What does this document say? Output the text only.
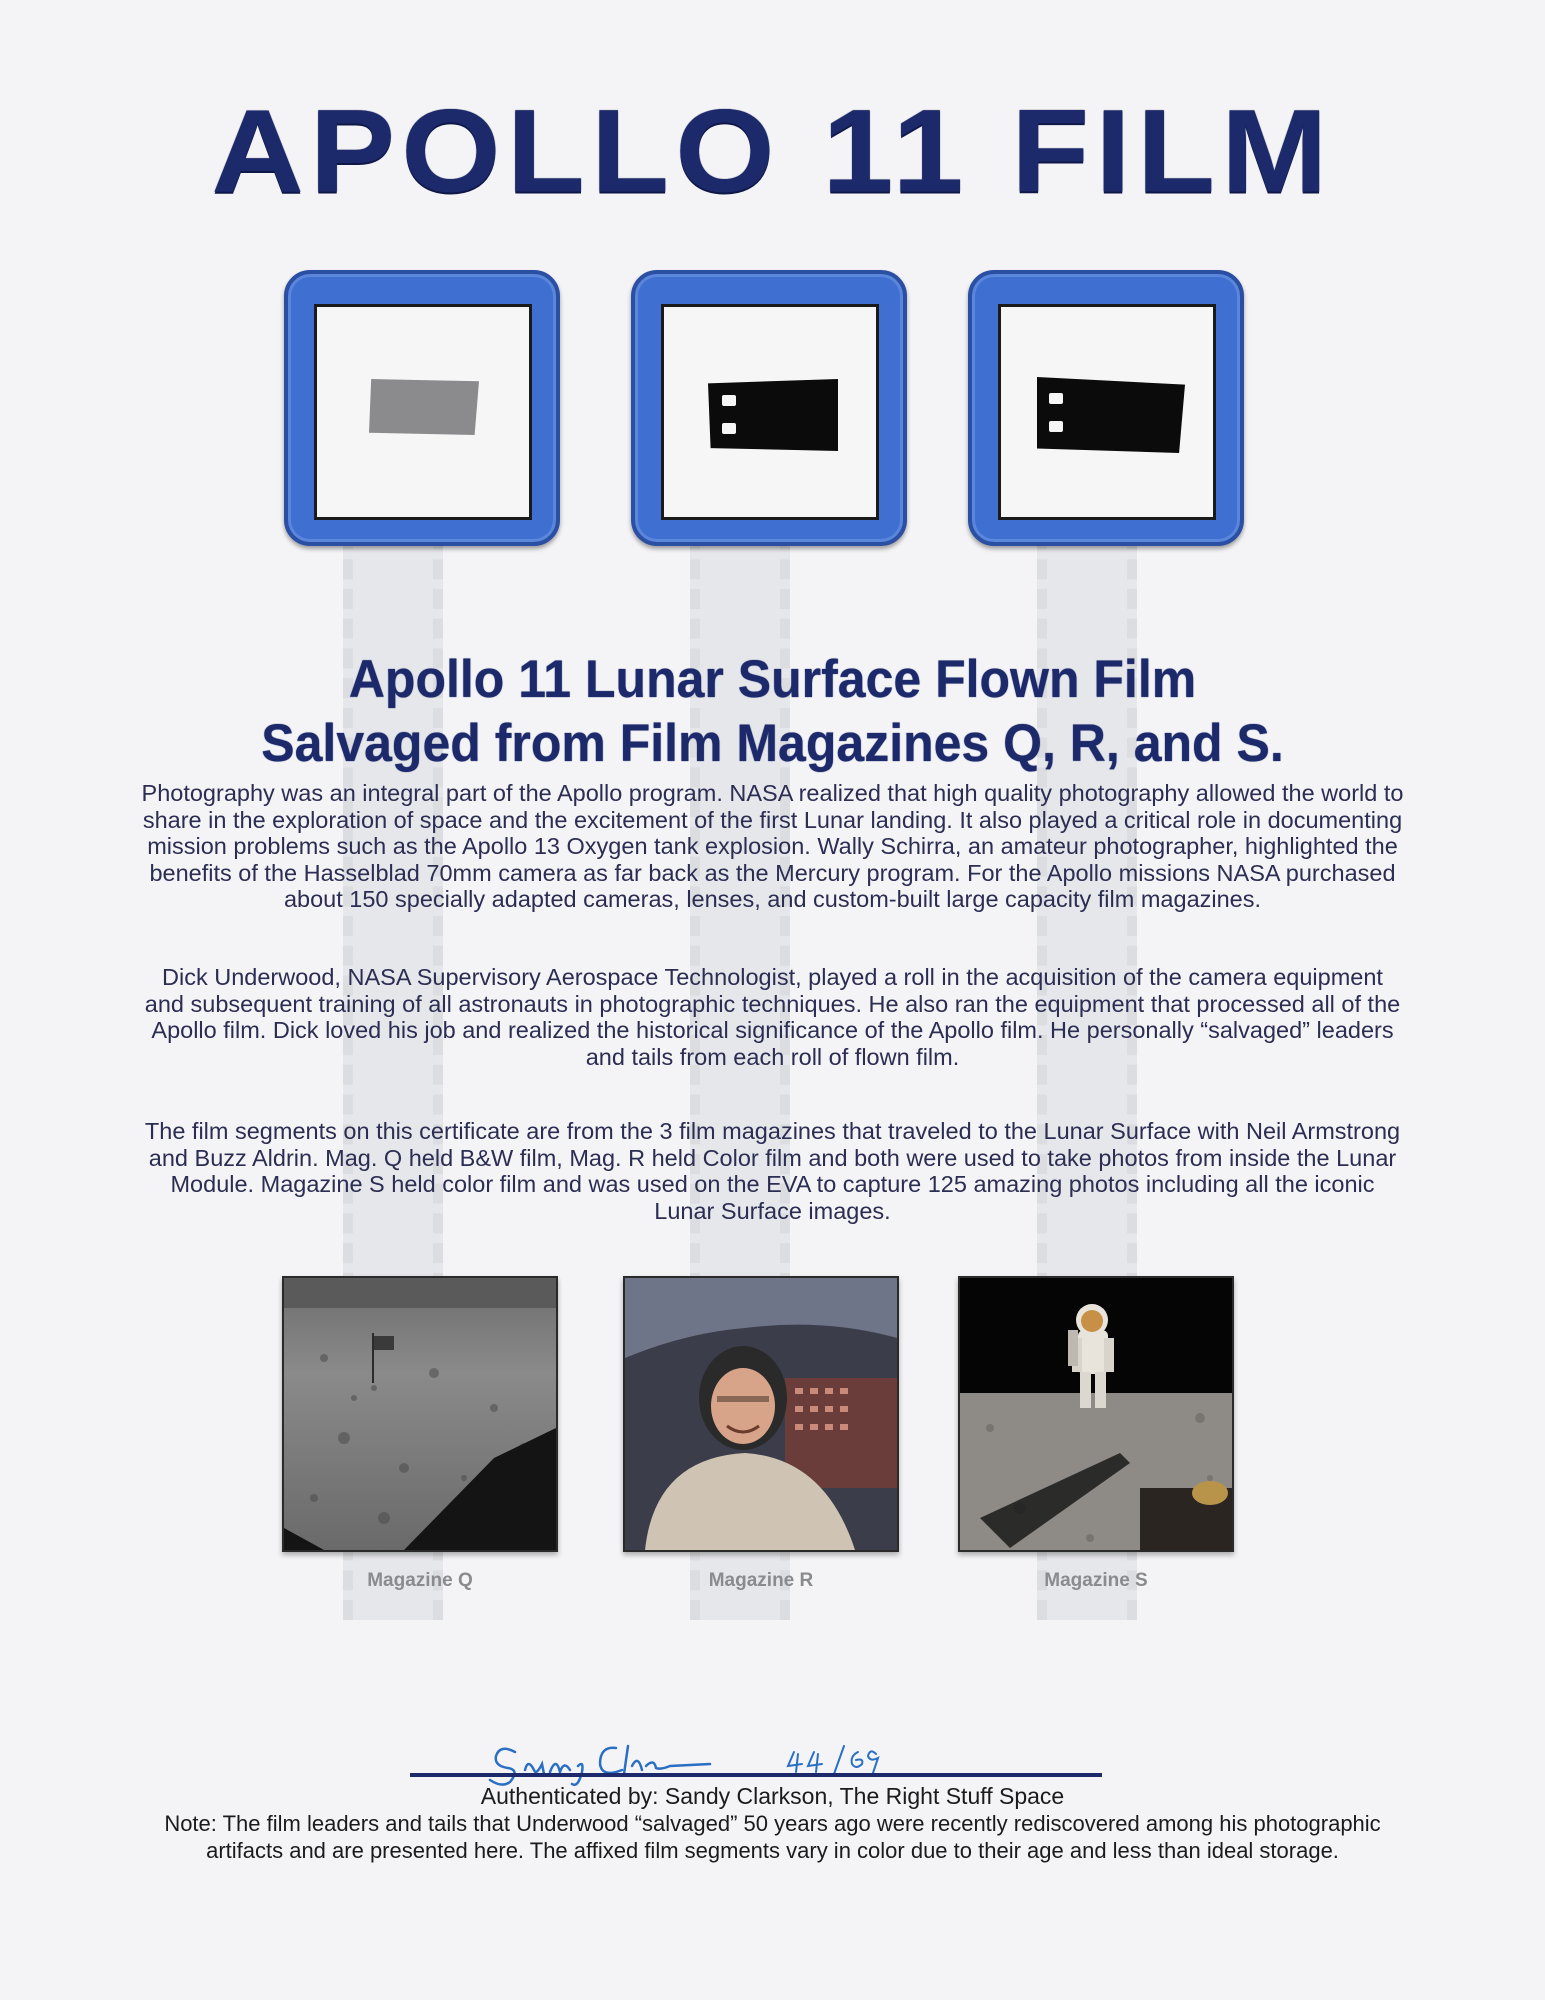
APOLLO 11 FILM
Apollo 11 Lunar Surface Flown Film
Salvaged from Film Magazines Q, R, and S.
Photography was an integral part of the Apollo program. NASA realized that high quality photography allowed the world to
share in the exploration of space and the excitement of the first Lunar landing. It also played a critical role in documenting
mission problems such as the Apollo 13 Oxygen tank explosion. Wally Schirra, an amateur photographer, highlighted the
benefits of the Hasselblad 70mm camera as far back as the Mercury program. For the Apollo missions NASA purchased
about 150 specially adapted cameras, lenses, and custom-built large capacity film magazines.
Dick Underwood, NASA Supervisory Aerospace Technologist, played a roll in the acquisition of the camera equipment
and subsequent training of all astronauts in photographic techniques. He also ran the equipment that processed all of the
Apollo film. Dick loved his job and realized the historical significance of the Apollo film. He personally “salvaged” leaders
and tails from each roll of flown film.
The film segments on this certificate are from the 3 film magazines that traveled to the Lunar Surface with Neil Armstrong
and Buzz Aldrin. Mag. Q held B&W film, Mag. R held Color film and both were used to take photos from inside the Lunar
Module. Magazine S held color film and was used on the EVA to capture 125 amazing photos including all the iconic
Lunar Surface images.
Magazine Q	Magazine R	Magazine S
Authenticated by: Sandy Clarkson, The Right Stuff Space
Note: The film leaders and tails that Underwood “salvaged” 50 years ago were recently rediscovered among his photographic
artifacts and are presented here. The affixed film segments vary in color due to their age and less than ideal storage.
